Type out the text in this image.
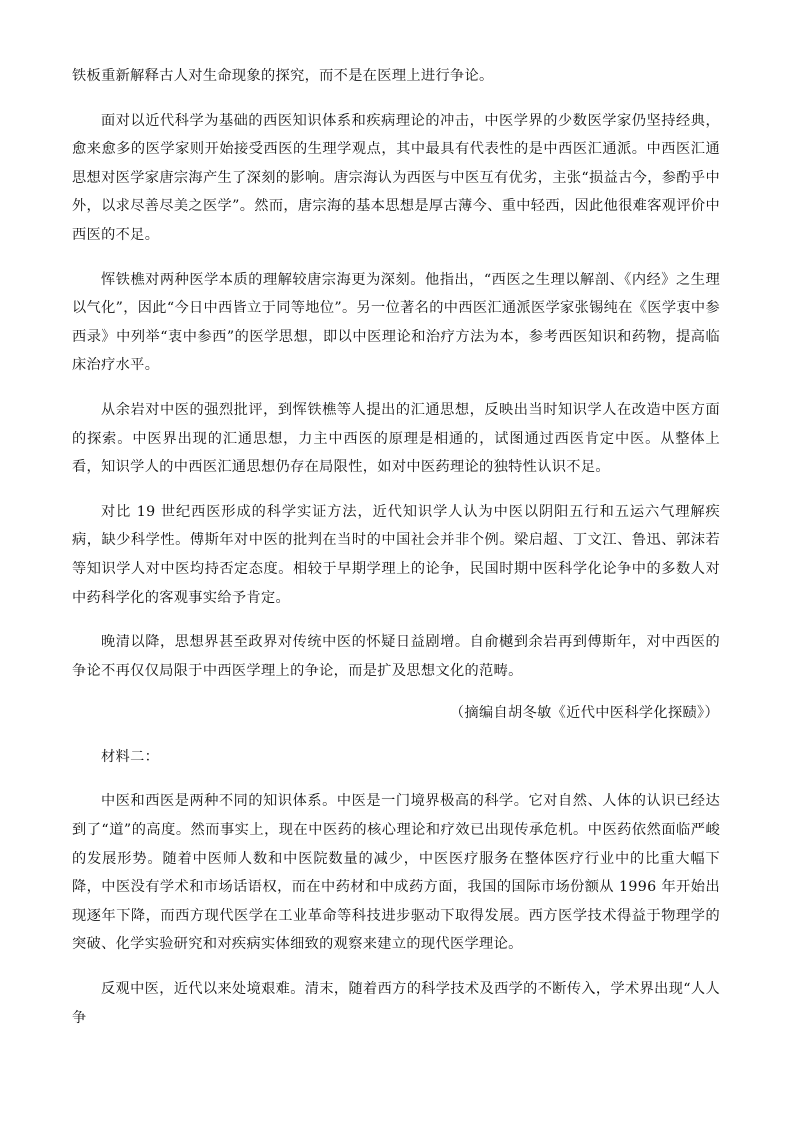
铁板重新解释古人对生命现象的探究，而不是在医理上进行争论。

面对以近代科学为基础的西医知识体系和疾病理论的冲击，中医学界的少数医学家仍坚持经典，愈来愈多的医学家则开始接受西医的生理学观点，其中最具有代表性的是中西医汇通派。中西医汇通思想对医学家唐宗海产生了深刻的影响。唐宗海认为西医与中医互有优劣，主张“损益古今，参酌乎中外，以求尽善尽美之医学”。然而，唐宗海的基本思想是厚古薄今、重中轻西，因此他很难客观评价中西医的不足。

恽铁樵对两种医学本质的理解较唐宗海更为深刻。他指出，“西医之生理以解剖、《内经》之生理以气化”，因此“今日中西皆立于同等地位”。另一位著名的中西医汇通派医学家张锡纯在《医学衷中参西录》中列举“衷中参西”的医学思想，即以中医理论和治疗方法为本，参考西医知识和药物，提高临床治疗水平。

从余岩对中医的强烈批评，到恽铁樵等人提出的汇通思想，反映出当时知识学人在改造中医方面的探索。中医界出现的汇通思想，力主中西医的原理是相通的，试图通过西医肯定中医。从整体上看，知识学人的中西医汇通思想仍存在局限性，如对中医药理论的独特性认识不足。

对比 19 世纪西医形成的科学实证方法，近代知识学人认为中医以阴阳五行和五运六气理解疾病，缺少科学性。傅斯年对中医的批判在当时的中国社会并非个例。梁启超、丁文江、鲁迅、郭沫若等知识学人对中医均持否定态度。相较于早期学理上的论争，民国时期中医科学化论争中的多数人对中药科学化的客观事实给予肯定。

晚清以降，思想界甚至政界对传统中医的怀疑日益剧增。自俞樾到余岩再到傅斯年，对中西医的争论不再仅仅局限于中西医学理上的争论，而是扩及思想文化的范畴。

（摘编自胡冬敏《近代中医科学化探赜》）

材料二：

中医和西医是两种不同的知识体系。中医是一门境界极高的科学。它对自然、人体的认识已经达到了“道”的高度。然而事实上，现在中医药的核心理论和疗效已出现传承危机。中医药依然面临严峻的发展形势。随着中医师人数和中医院数量的减少，中医医疗服务在整体医疗行业中的比重大幅下降，中医没有学术和市场话语权，而在中药材和中成药方面，我国的国际市场份额从 1996 年开始出现逐年下降，而西方现代医学在工业革命等科技进步驱动下取得发展。西方医学技术得益于物理学的突破、化学实验研究和对疾病实体细致的观察来建立的现代医学理论。

反观中医，近代以来处境艰难。清末，随着西方的科学技术及西学的不断传入，学术界出现“人人争
